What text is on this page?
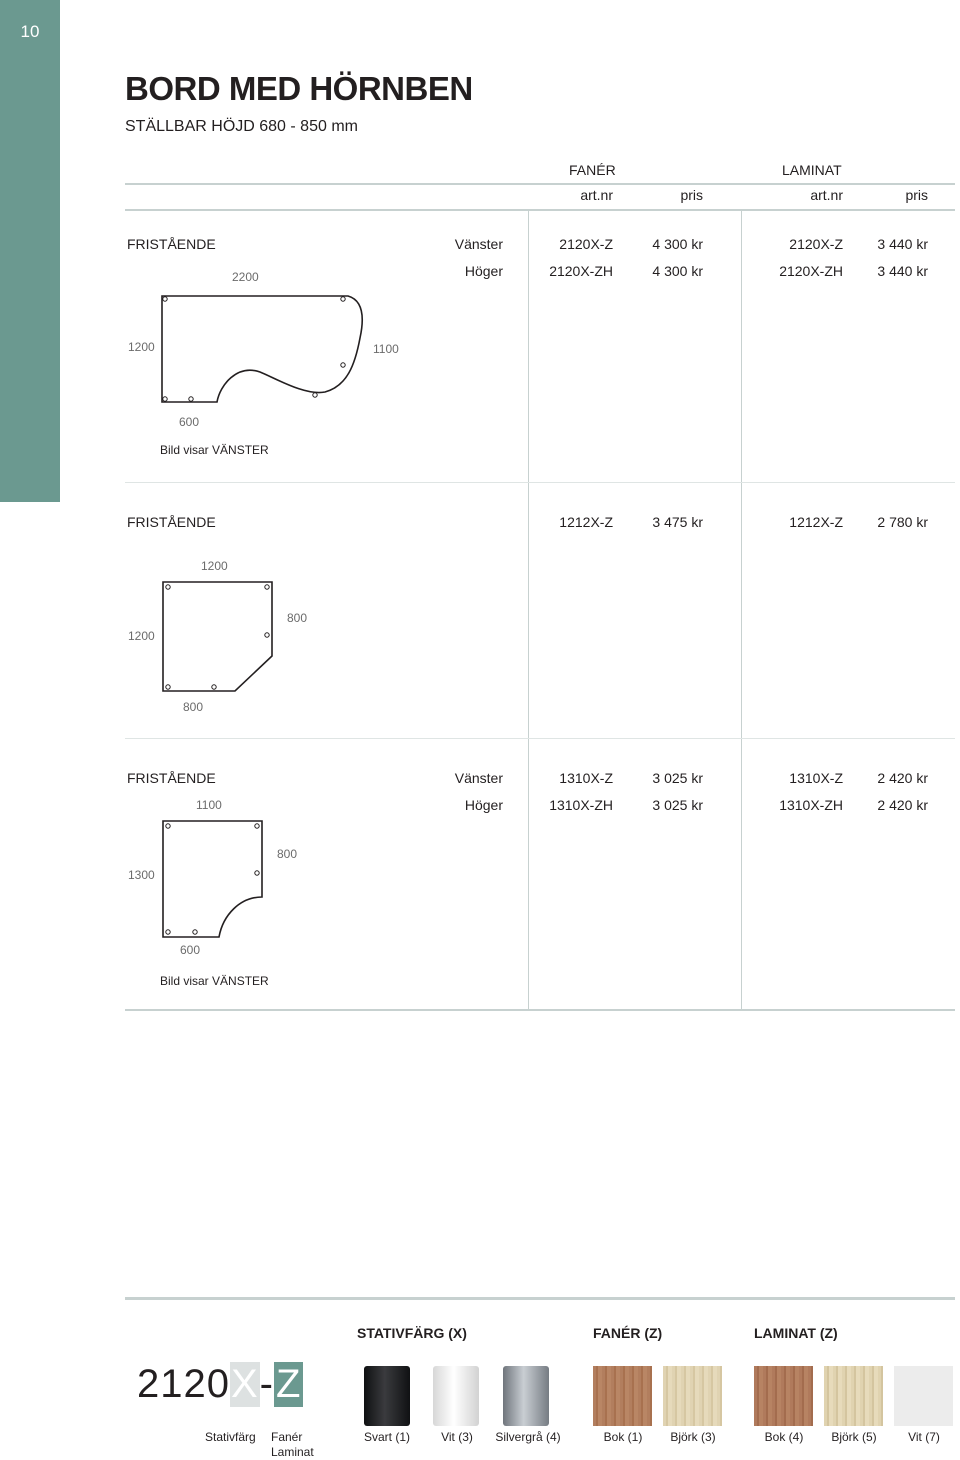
10
BORD MED HÖRNBEN
STÄLLBAR HÖJD 680 - 850 mm
FANÉR	LAMINAT
art.nr	pris	art.nr	pris
FRISTÅENDE	Vänster	2120X-Z	4 300 kr	2120X-Z	3 440 kr
Höger	2120X-ZH	4 300 kr	2120X-ZH	3 440 kr
2200
1200	1100
600
Bild visar VÄNSTER
FRISTÅENDE	1212X-Z	3 475 kr	1212X-Z	2 780 kr
1200
1200
800
800
FRISTÅENDE	Vänster	1310X-Z	3 025 kr	1310X-Z	2 420 kr
Höger	1310X-ZH	3 025 kr	1310X-ZH	2 420 kr
1100
1300
800
600
Bild visar VÄNSTER
STATIVFÄRG (X)	FANÉR (Z)	LAMINAT (Z)
2120 X - Z
Stativfärg Fanér
Laminat
Svart (1)	Vit (3)	Silvergrå (4)	Bok (1)	Björk (3)	Bok (4)	Björk (5)	Vit (7)
